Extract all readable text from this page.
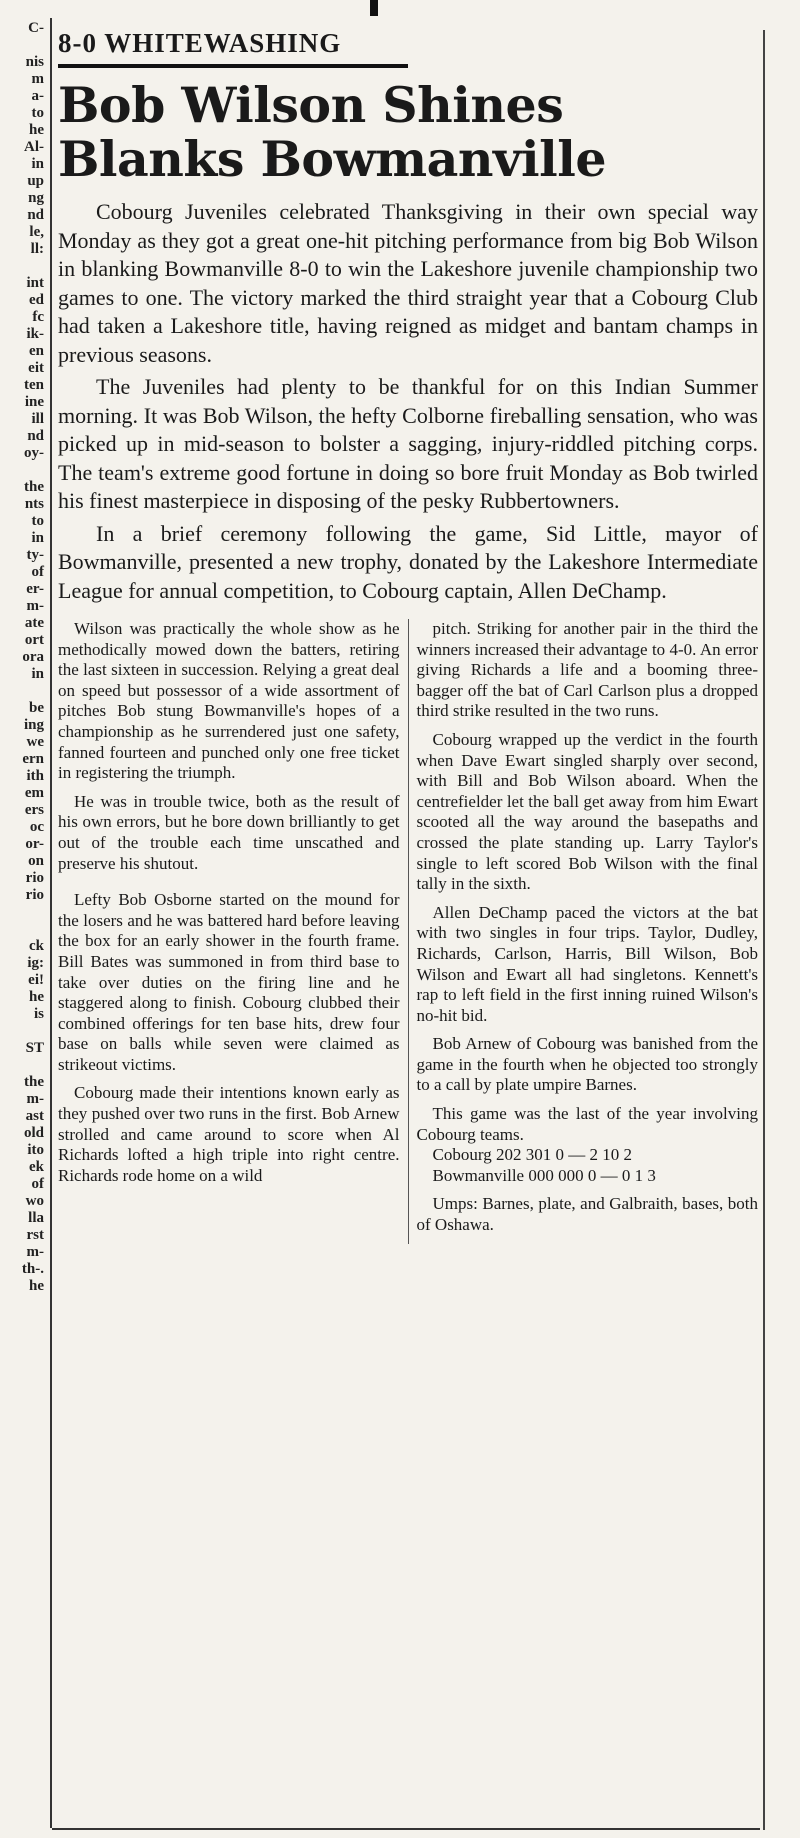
C-

nis
m
a-
to
he
Al-
in
up
ng
nd
le,
ll:

int
ed
fc
ik-
en
eit
ten
ine
ill
nd
oy-

the
nts
to
in
ty-
of
er-
m-
ate
ort
ora
in

be
ing
we
ern
ith
em
ers
oc
or-
on
rio
rio

ck
ig:
ei!
he
is

ST

the
m-
ast
old
ito
ek
of
wo
lla
rst
m-
th-.
he
8-0 WHITEWASHING
Bob Wilson Shines
Blanks Bowmanville

Cobourg Juveniles celebrated Thanksgiving in their own special way Monday as they got a great one-hit pitching performance from big Bob Wilson in blanking Bowmanville 8-0 to win the Lakeshore juvenile championship two games to one. The victory marked the third straight year that a Cobourg Club had taken a Lakeshore title, having reigned as midget and bantam champs in previous seasons.

The Juveniles had plenty to be thankful for on this Indian Summer morning. It was Bob Wilson, the hefty Colborne fireballing sensation, who was picked up in mid-season to bolster a sagging, injury-riddled pitching corps. The team's extreme good fortune in doing so bore fruit Monday as Bob twirled his finest masterpiece in disposing of the pesky Rubbertowners.

In a brief ceremony following the game, Sid Little, mayor of Bowmanville, presented a new trophy, donated by the Lakeshore Intermediate League for annual competition, to Cobourg captain, Allen DeChamp.

Wilson was practically the whole show as he methodically mowed down the batters, retiring the last sixteen in succession. Relying a great deal on speed but possessor of a wide assortment of pitches Bob stung Bowmanville's hopes of a championship as he surrendered just one safety, fanned fourteen and punched only one free ticket in registering the triumph.

He was in trouble twice, both as the result of his own errors, but he bore down brilliantly to get out of the trouble each time unscathed and preserve his shutout.

Lefty Bob Osborne started on the mound for the losers and he was battered hard before leaving the box for an early shower in the fourth frame. Bill Bates was summoned in from third base to take over duties on the firing line and he staggered along to finish. Cobourg clubbed their combined offerings for ten base hits, drew four base on balls while seven were claimed as strikeout victims.

Cobourg made their intentions known early as they pushed over two runs in the first. Bob Arnew strolled and came around to score when Al Richards lofted a high triple into right centre. Richards rode home on a wild

pitch. Striking for another pair in the third the winners increased their advantage to 4-0. An error giving Richards a life and a booming three-bagger off the bat of Carl Carlson plus a dropped third strike resulted in the two runs.

Cobourg wrapped up the verdict in the fourth when Dave Ewart singled sharply over second, with Bill and Bob Wilson aboard. When the centrefielder let the ball get away from him Ewart scooted all the way around the basepaths and crossed the plate standing up. Larry Taylor's single to left scored Bob Wilson with the final tally in the sixth.

Allen DeChamp paced the victors at the bat with two singles in four trips. Taylor, Dudley, Richards, Carlson, Harris, Bill Wilson, Bob Wilson and Ewart all had singletons. Kennett's rap to left field in the first inning ruined Wilson's no-hit bid.

Bob Arnew of Cobourg was banished from the game in the fourth when he objected too strongly to a call by plate umpire Barnes.

This game was the last of the year involving Cobourg teams.
Cobourg 202 301 0 — 2 10 2
Bowmanville 000 000 0 — 0 1 3

Umps: Barnes, plate, and Galbraith, bases, both of Oshawa.
